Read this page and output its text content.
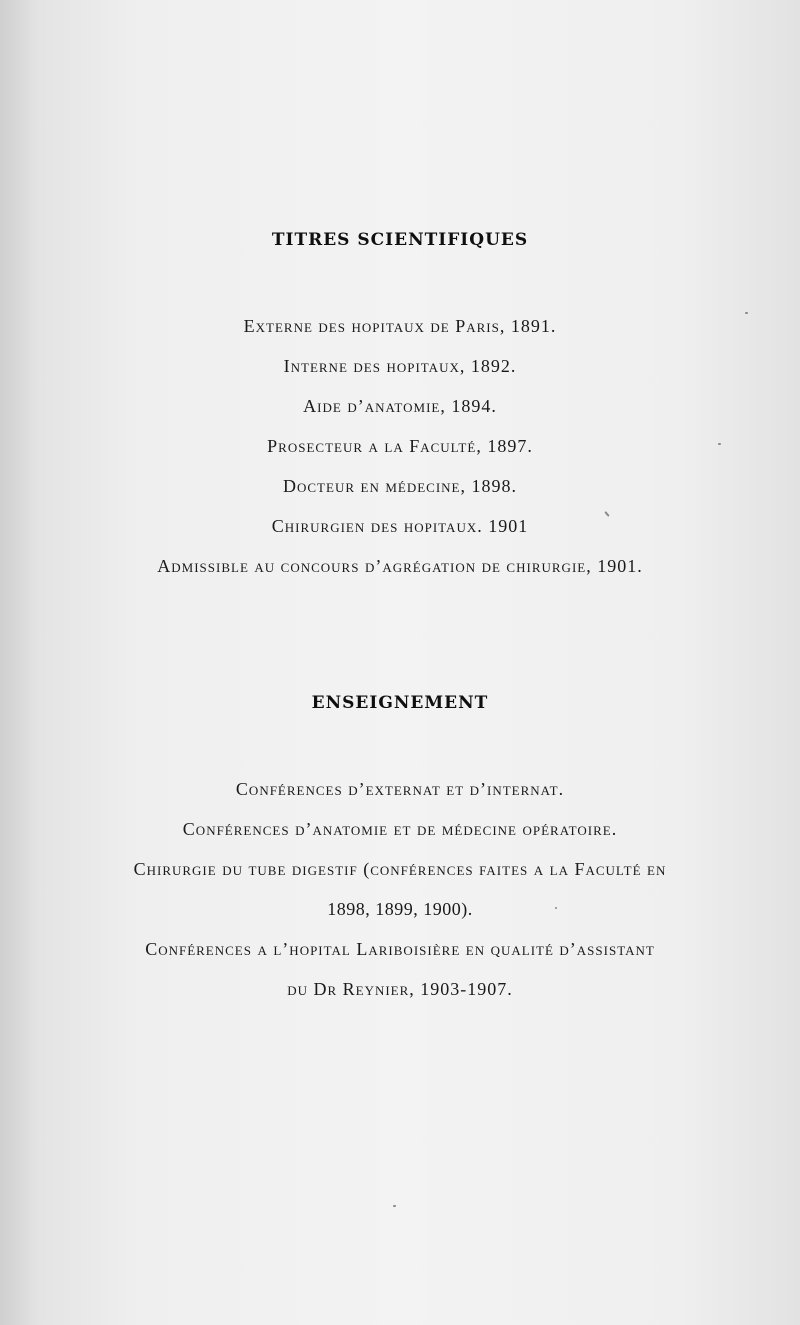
TITRES SCIENTIFIQUES
Externe des hopitaux de Paris, 1891.
Interne des hopitaux, 1892.
Aide d’anatomie, 1894.
Prosecteur a la Faculté, 1897.
Docteur en médecine, 1898.
Chirurgien des hopitaux. 1901
Admissible au concours d’agrégation de chirurgie, 1901.
ENSEIGNEMENT
Conférences d’externat et d’internat.
Conférences d’anatomie et de médecine opératoire.
Chirurgie du tube digestif (conférences faites a la Faculté en
1898, 1899, 1900).
Conférences a l’hopital Lariboisière en qualité d’assistant
du Dr Reynier, 1903-1907.
